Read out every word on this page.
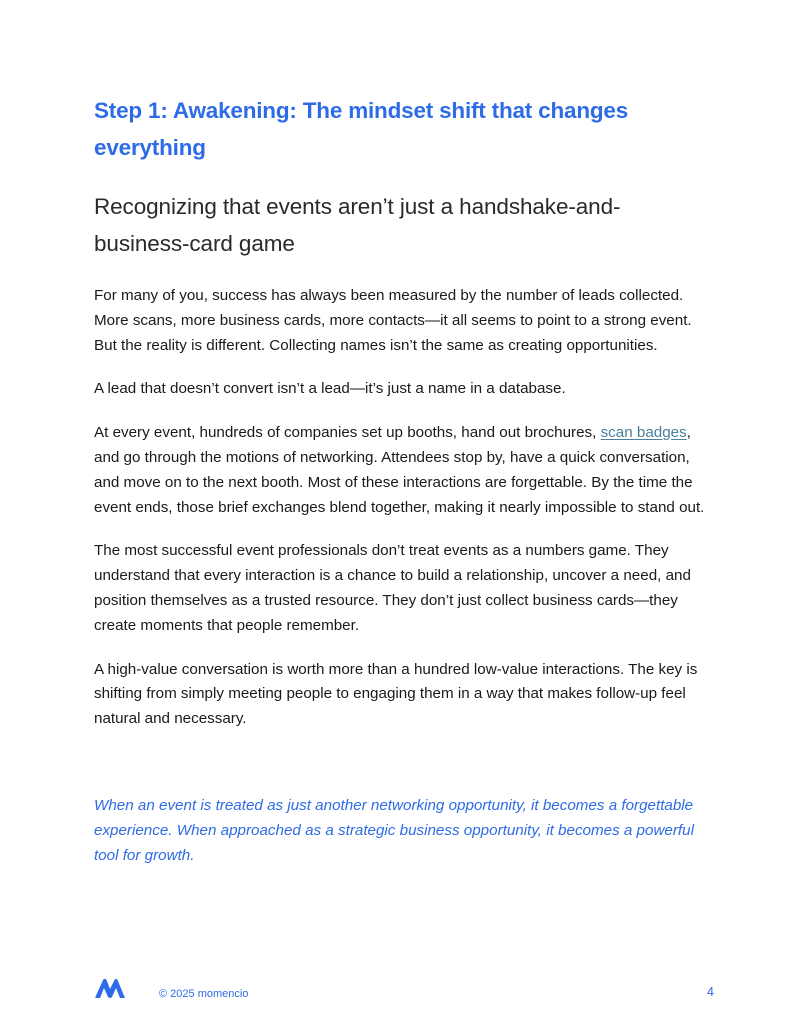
Step 1: Awakening: The mindset shift that changes everything
Recognizing that events aren’t just a handshake-and-business-card game

For many of you, success has always been measured by the number of leads collected. More scans, more business cards, more contacts—it all seems to point to a strong event. But the reality is different. Collecting names isn’t the same as creating opportunities.

A lead that doesn’t convert isn’t a lead—it’s just a name in a database.

At every event, hundreds of companies set up booths, hand out brochures, scan badges, and go through the motions of networking. Attendees stop by, have a quick conversation, and move on to the next booth. Most of these interactions are forgettable. By the time the event ends, those brief exchanges blend together, making it nearly impossible to stand out.

The most successful event professionals don’t treat events as a numbers game. They understand that every interaction is a chance to build a relationship, uncover a need, and position themselves as a trusted resource. They don’t just collect business cards—they create moments that people remember.

A high-value conversation is worth more than a hundred low-value interactions. The key is shifting from simply meeting people to engaging them in a way that makes follow-up feel natural and necessary.

When an event is treated as just another networking opportunity, it becomes a forgettable experience. When approached as a strategic business opportunity, it becomes a powerful tool for growth.

© 2025 momencio	4
